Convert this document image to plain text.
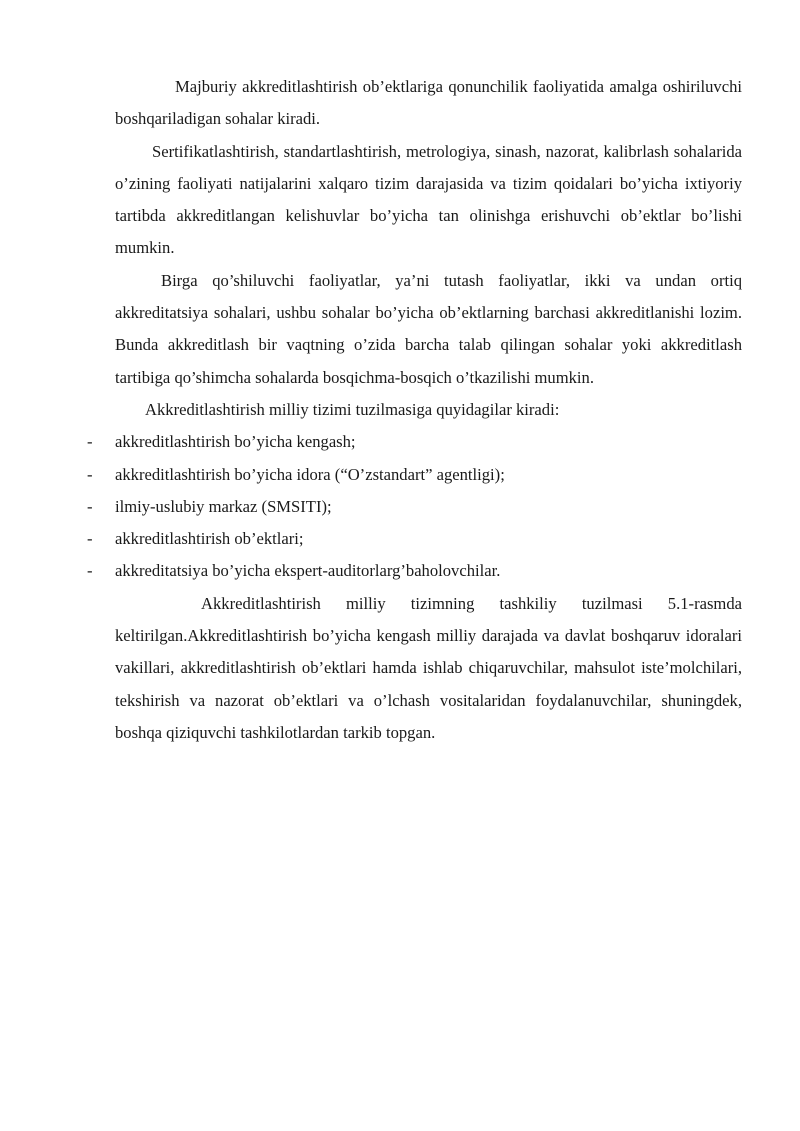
Majburiy akkreditlashtirish ob’ektlariga qonunchilik faoliyatida amalga oshiriluvchi boshqariladigan sohalar kiradi.

Sertifikatlashtirish, standartlashtirish, metrologiya, sinash, nazorat, kalibrlash sohalarida o’zining faoliyati natijalarini xalqaro tizim darajasida va tizim qoidalari bo’yicha ixtiyoriy tartibda akkreditlangan kelishuvlar bo’yicha tan olinishga erishuvchi ob’ektlar bo’lishi mumkin.

Birga qo’shiluvchi faoliyatlar, ya’ni tutash faoliyatlar, ikki va undan ortiq akkreditatsiya sohalari, ushbu sohalar bo’yicha ob’ektlarning barchasi akkreditlanishi lozim. Bunda akkreditlash bir vaqtning o’zida barcha talab qilingan sohalar yoki akkreditlash tartibiga qo’shimcha sohalarda bosqichma-bosqich o’tkazilishi mumkin.

Akkreditlashtirish milliy tizimi tuzilmasiga quyidagilar kiradi:

- akkreditlashtirish bo’yicha kengash;
- akkreditlashtirish bo’yicha idora (“O’zstandart” agentligi);
- ilmiy-uslubiy markaz (SMSITI);
- akkreditlashtirish ob’ektlari;
- akkreditatsiya bo’yicha ekspert-auditorlarg’baholovchilar.

Akkreditlashtirish milliy tizimning tashkiliy tuzilmasi 5.1-rasmda keltirilgan.Akkreditlashtirish bo’yicha kengash milliy darajada va davlat boshqaruv idoralari vakillari, akkreditlashtirish ob’ektlari hamda ishlab chiqaruvchilar, mahsulot iste’molchilari, tekshirish va nazorat ob’ektlari va o’lchash vositalaridan foydalanuvchilar, shuningdek, boshqa qiziquvchi tashkilotlardan tarkib topgan.
